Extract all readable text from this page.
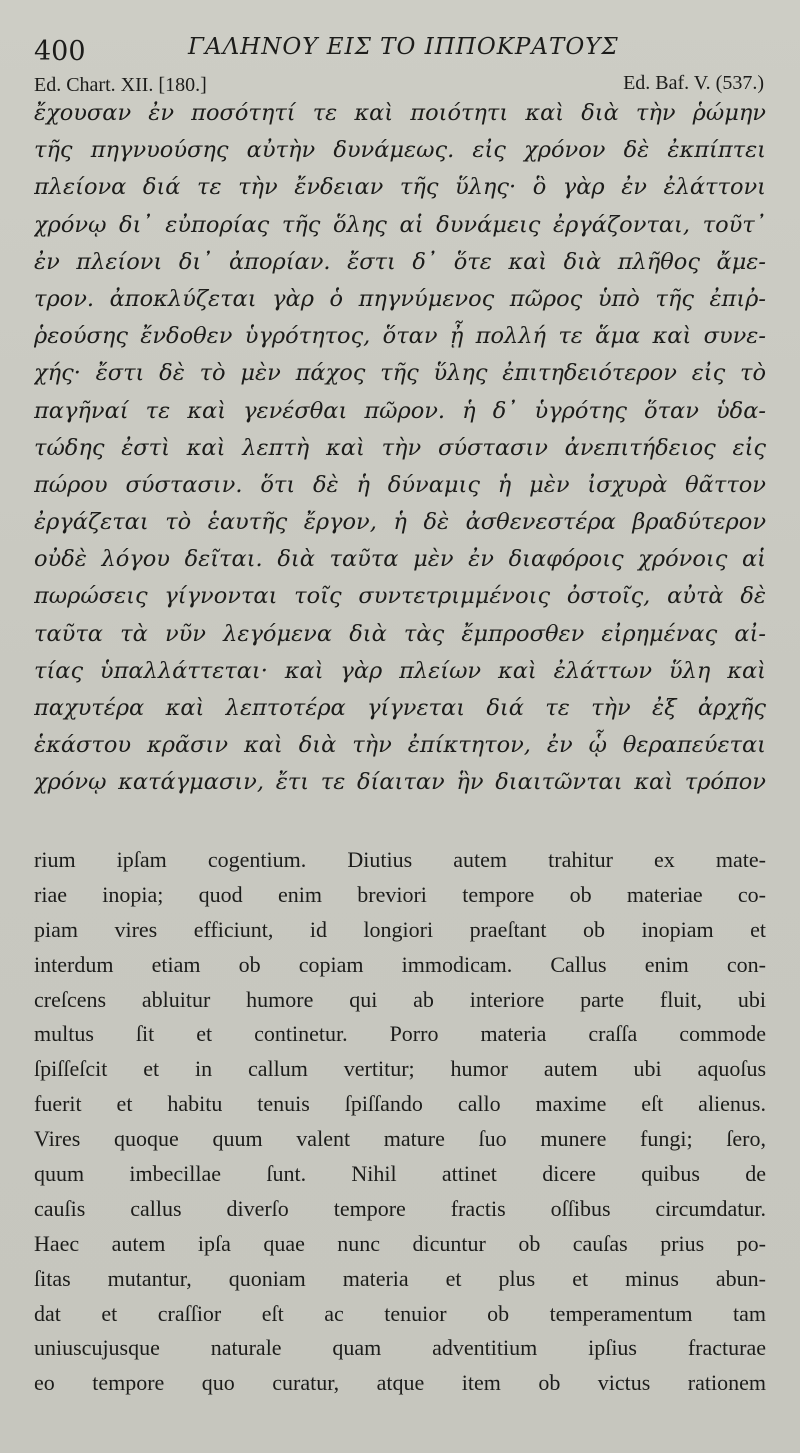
400	ΓΑΛΗΝΟΥ ΕΙΣ ΤΟ ΙΠΠΟΚΡΑΤΟΥΣ
Ed. Chart. XII. [180.]	Ed. Baf. V. (537.)
ἔχουσαν ἐν ποσότητί τε καὶ ποιότητι καὶ διὰ τὴν ῥώμην
τῆς πηγνυούσης αὐτὴν δυνάμεως. εἰς χρόνον δὲ ἐκπίπτει
πλείονα διά τε τὴν ἔνδειαν τῆς ὕλης· ὃ γὰρ ἐν ἐλάττονι
χρόνῳ δι᾽ εὐπορίας τῆς ὅλης αἱ δυνάμεις ἐργάζονται, τοῦτ᾽
ἐν πλείονι δι᾽ ἀπορίαν. ἔστι δ᾽ ὅτε καὶ διὰ πλῆθος ἄμε-
τρον. ἀποκλύζεται γὰρ ὁ πηγνύμενος πῶρος ὑπὸ τῆς ἐπιῤ-
ῥεούσης ἔνδοθεν ὑγρότητος, ὅταν ᾖ πολλή τε ἅμα καὶ συνε-
χής· ἔστι δὲ τὸ μὲν πάχος τῆς ὕλης ἐπιτηδειότερον εἰς τὸ
παγῆναί τε καὶ γενέσθαι πῶρον. ἡ δ᾽ ὑγρότης ὅταν ὑδα-
τώδης ἐστὶ καὶ λεπτὴ καὶ τὴν σύστασιν ἀνεπιτήδειος εἰς
πώρου σύστασιν. ὅτι δὲ ἡ δύναμις ἡ μὲν ἰσχυρὰ θᾶττον
ἐργάζεται τὸ ἑαυτῆς ἔργον, ἡ δὲ ἀσθενεστέρα βραδύτερον
οὐδὲ λόγου δεῖται. διὰ ταῦτα μὲν ἐν διαφόροις χρόνοις αἱ
πωρώσεις γίγνονται τοῖς συντετριμμένοις ὀστοῖς, αὐτὰ δὲ
ταῦτα τὰ νῦν λεγόμενα διὰ τὰς ἔμπροσθεν εἰρημένας αἰ-
τίας ὑπαλλάττεται· καὶ γὰρ πλείων καὶ ἐλάττων ὕλη καὶ
παχυτέρα καὶ λεπτοτέρα γίγνεται διά τε τὴν ἐξ ἀρχῆς
ἑκάστου κρᾶσιν καὶ διὰ τὴν ἐπίκτητον, ἐν ᾧ θεραπεύεται
χρόνῳ κατάγμασιν, ἔτι τε δίαιταν ἣν διαιτῶνται καὶ τρόπον
rium ipſam cogentium. Diutius autem trahitur ex mate-
riae inopia; quod enim breviori tempore ob materiae co-
piam vires efficiunt, id longiori praeſtant ob inopiam et
interdum etiam ob copiam immodicam. Callus enim con-
creſcens abluitur humore qui ab interiore parte fluit, ubi
multus ſit et continetur. Porro materia craſſa commode
ſpiſſeſcit et in callum vertitur; humor autem ubi aquoſus
fuerit et habitu tenuis ſpiſſando callo maxime eſt alienus.
Vires quoque quum valent mature ſuo munere fungi; ſero,
quum imbecillae ſunt. Nihil attinet dicere quibus de
cauſis callus diverſo tempore fractis oſſibus circumdatur.
Haec autem ipſa quae nunc dicuntur ob cauſas prius po-
ſitas mutantur, quoniam materia et plus et minus abun-
dat et craſſior eſt ac tenuior ob temperamentum tam
uniuscujusque naturale quam adventitium ipſius fracturae
eo tempore quo curatur, atque item ob victus rationem
